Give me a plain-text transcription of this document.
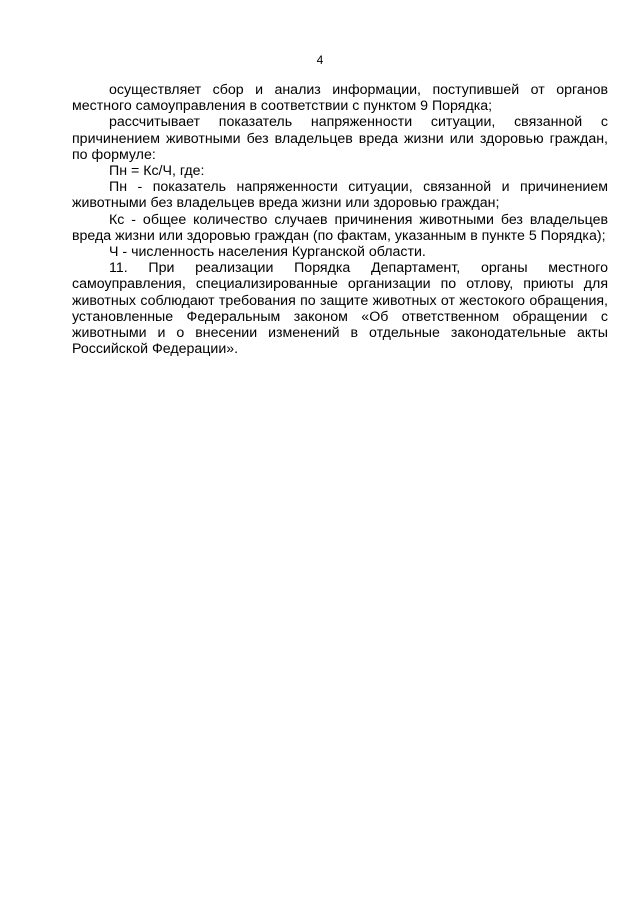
4

осуществляет сбор и анализ информации, поступившей от органов местного самоуправления в соответствии с пунктом 9 Порядка;

рассчитывает показатель напряженности ситуации, связанной с причинением животными без владельцев вреда жизни или здоровью граждан, по формуле:

Пн = Кс/Ч, где:

Пн - показатель напряженности ситуации, связанной и причинением животными без владельцев вреда жизни или здоровью граждан;

Кс - общее количество случаев причинения животными без владельцев вреда жизни или здоровью граждан (по фактам, указанным в пункте 5 Порядка);

Ч - численность населения Курганской области.

11. При реализации Порядка Департамент, органы местного самоуправления, специализированные организации по отлову, приюты для животных соблюдают требования по защите животных от жестокого обращения, установленные Федеральным законом «Об ответственном обращении с животными и о внесении изменений в отдельные законодательные акты Российской Федерации».
